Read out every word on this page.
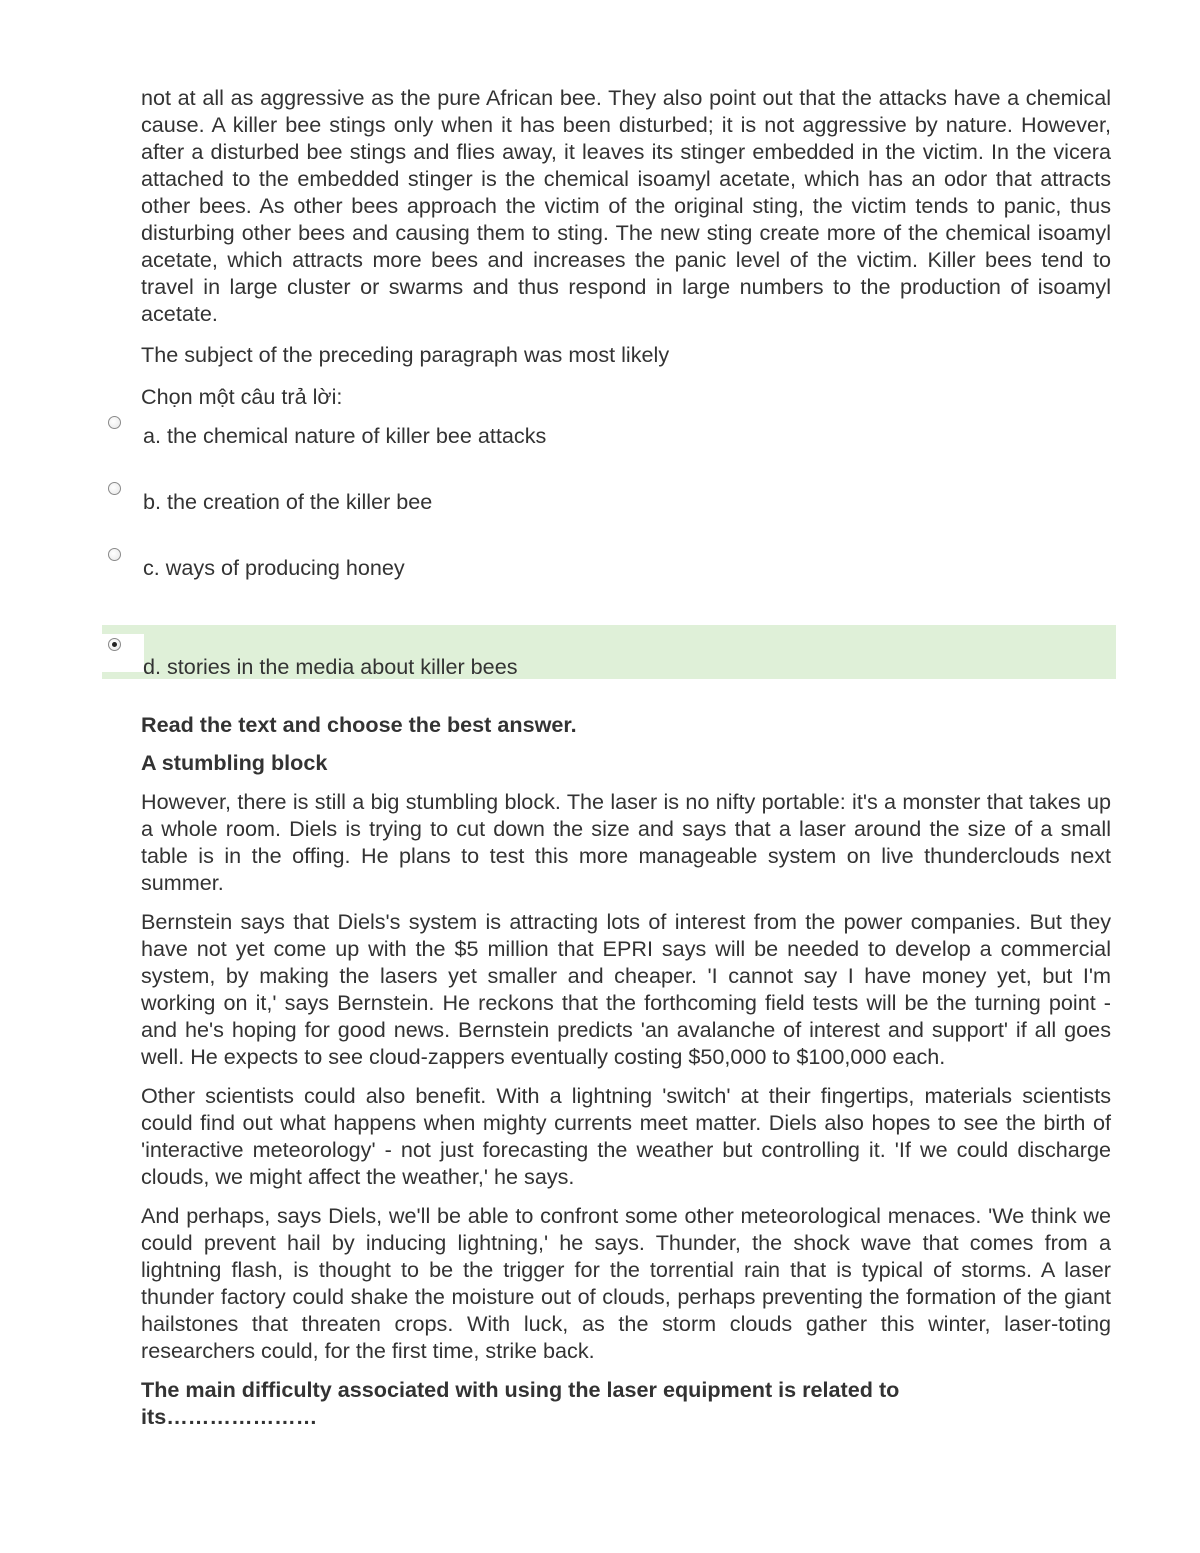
not at all as aggressive as the pure African bee. They also point out that the attacks have a chemical cause. A killer bee stings only when it has been disturbed; it is not aggressive by nature. However, after a disturbed bee stings and flies away, it leaves its stinger embedded in the victim. In the vicera attached to the embedded stinger is the chemical isoamyl acetate, which has an odor that attracts other bees. As other bees approach the victim of the original sting, the victim tends to panic, thus disturbing other bees and causing them to sting. The new sting create more of the chemical isoamyl acetate, which attracts more bees and increases the panic level of the victim. Killer bees tend to travel in large cluster or swarms and thus respond in large numbers to the production of isoamyl acetate.

The subject of the preceding paragraph was most likely

Chọn một câu trả lời:

a. the chemical nature of killer bee attacks
b. the creation of the killer bee
c. ways of producing honey
d. stories in the media about killer bees

Read the text and choose the best answer.

A stumbling block

However, there is still a big stumbling block. The laser is no nifty portable: it's a monster that takes up a whole room. Diels is trying to cut down the size and says that a laser around the size of a small table is in the offing. He plans to test this more manageable system on live thunderclouds next summer.

Bernstein says that Diels's system is attracting lots of interest from the power companies. But they have not yet come up with the $5 million that EPRI says will be needed to develop a commercial system, by making the lasers yet smaller and cheaper. 'I cannot say I have money yet, but I'm working on it,' says Bernstein. He reckons that the forthcoming field tests will be the turning point - and he's hoping for good news. Bernstein predicts 'an avalanche of interest and support' if all goes well. He expects to see cloud-zappers eventually costing $50,000 to $100,000 each.

Other scientists could also benefit. With a lightning 'switch' at their fingertips, materials scientists could find out what happens when mighty currents meet matter. Diels also hopes to see the birth of 'interactive meteorology' - not just forecasting the weather but controlling it. 'If we could discharge clouds, we might affect the weather,' he says.

And perhaps, says Diels, we'll be able to confront some other meteorological menaces. 'We think we could prevent hail by inducing lightning,' he says. Thunder, the shock wave that comes from a lightning flash, is thought to be the trigger for the torrential rain that is typical of storms. A laser thunder factory could shake the moisture out of clouds, perhaps preventing the formation of the giant hailstones that threaten crops. With luck, as the storm clouds gather this winter, laser-toting researchers could, for the first time, strike back.

The main difficulty associated with using the laser equipment is related to its…………………
